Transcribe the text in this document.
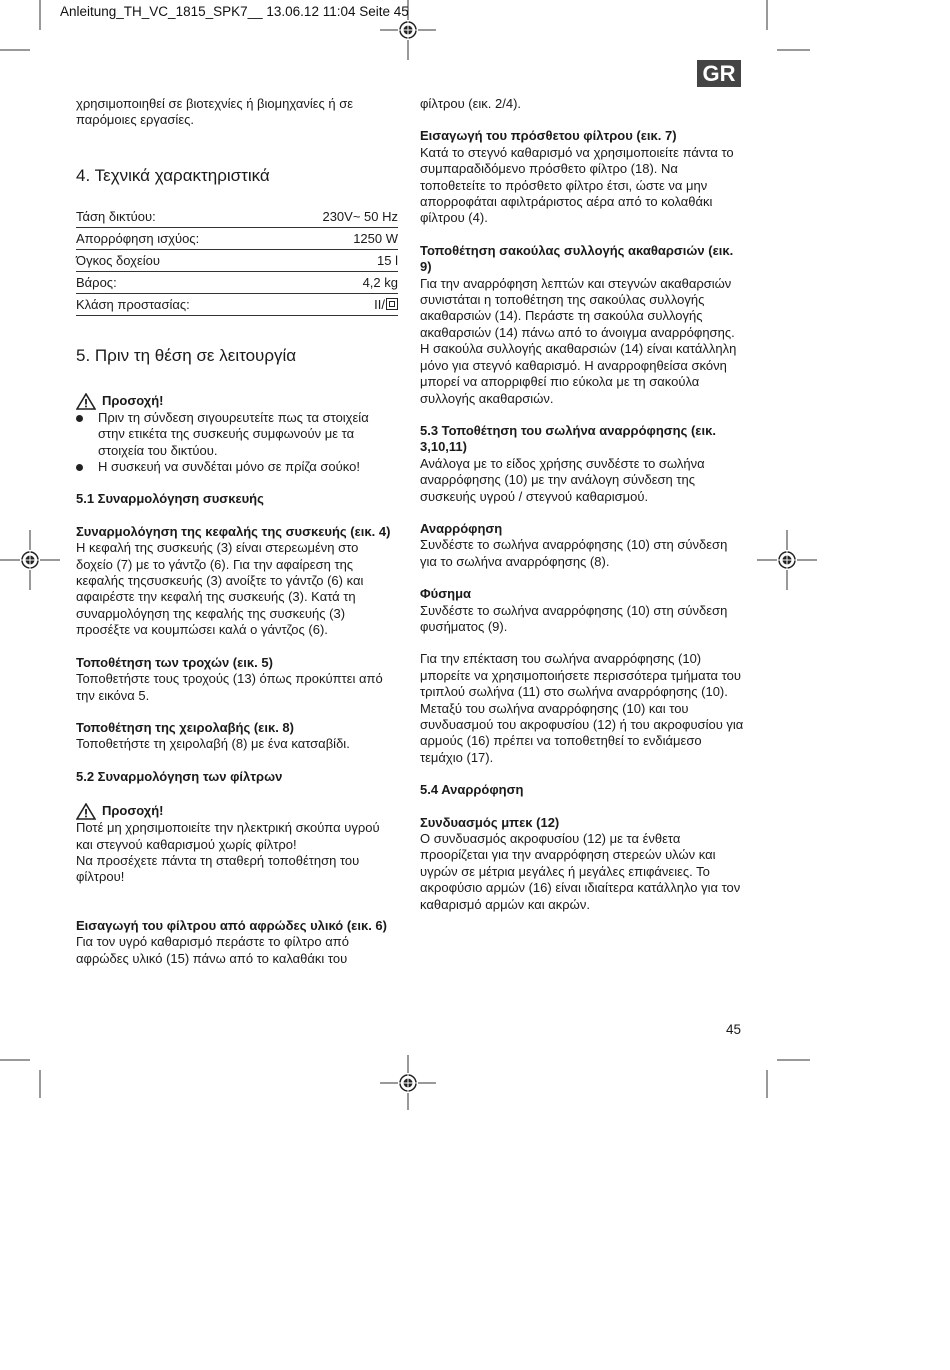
Anleitung_TH_VC_1815_SPK7__ 13.06.12 11:04 Seite 45
GR

χρησιμοποιηθεί σε βιοτεχνίες ή βιομηχανίες ή σε παρόμοιες εργασίες.

4. Τεχνικά χαρακτηριστικά
Τάση δικτύου:	230V~ 50 Hz
Απορρόφηση ισχύος:	1250 W
Όγκος δοχείου	15 l
Βάρος:	4,2 kg
Κλάση προστασίας:	II/
5. Πριν τη θέση σε λειτουργία
Προσοχή!
Πριν τη σύνδεση σιγουρευτείτε πως τα στοιχεία στην ετικέτα της συσκευής συμφωνούν με τα στοιχεία του δικτύου.
Η συσκευή να συνδέται μόνο σε πρίζα σούκο!

5.1 Συναρμολόγηση συσκευής

Συναρμολόγηση της κεφαλής της συσκευής (εικ. 4)

Η κεφαλή της συσκευής (3) είναι στερεωμένη στο δοχείο (7) με το γάντζο (6). Για την αφαίρεση της κεφαλής τηςσυσκευής (3) ανοίξτε το γάντζο (6) και αφαιρέστε την κεφαλή της συσκευής (3). Κατά τη συναρμολόγηση της κεφαλής της συσκευής (3) προσέξτε να κουμπώσει καλά ο γάντζος (6).

Τοποθέτηση των τροχών (εικ. 5)

Τοποθετήστε τους τροχούς (13) όπως προκύπτει από την εικόνα 5.

Τοποθέτηση της χειρολαβής (εικ. 8)

Τοποθετήστε τη χειρολαβή (8) με ένα κατσαβίδι.

5.2 Συναρμολόγηση των φίλτρων

Προσοχή!

Ποτέ μη χρησιμοποιείτε την ηλεκτρική σκούπα υγρού και στεγνού καθαρισμού χωρίς φίλτρο!

Να προσέχετε πάντα τη σταθερή τοποθέτηση του φίλτρου!

Εισαγωγή του φίλτρου από αφρώδες υλικό (εικ. 6)

Για τον υγρό καθαρισμό περάστε το φίλτρο από αφρώδες υλικό (15) πάνω από το καλαθάκι του

φίλτρου (εικ. 2/4).

Εισαγωγή του πρόσθετου φίλτρου (εικ. 7)

Κατά το στεγνό καθαρισμό να χρησιμοποιείτε πάντα το συμπαραδιδόμενο πρόσθετο φίλτρο (18). Να τοποθετείτε το πρόσθετο φίλτρο έτσι, ώστε να μην απορροφάται αφιλτράριστος αέρα από το κολαθάκι φίλτρου (4).

Τοποθέτηση σακούλας συλλογής ακαθαρσιών (εικ. 9)

Για την αναρρόφηση λεπτών και στεγνών ακαθαρσιών συνιστάται η τοποθέτηση της σακούλας συλλογής ακαθαρσιών (14). Περάστε τη σακούλα συλλογής ακαθαρσιών (14) πάνω από το άνοιγμα αναρρόφησης. Η σακούλα συλλογής ακαθαρσιών (14) είναι κατάλληλη μόνο για στεγνό καθαρισμό. Η αναρροφηθείσα σκόνη μπορεί να απορριφθεί πιο εύκολα με τη σακούλα συλλογής ακαθαρσιών.

5.3 Τοποθέτηση του σωλήνα αναρρόφησης (εικ. 3,10,11)

Ανάλογα με το είδος χρήσης συνδέστε το σωλήνα αναρρόφησης (10) με την ανάλογη σύνδεση της συσκευής υγρού / στεγνού καθαρισμού.

Αναρρόφηση

Συνδέστε το σωλήνα αναρρόφησης (10) στη σύνδεση για το σωλήνα αναρρόφησης (8).

Φύσημα

Συνδέστε το σωλήνα αναρρόφησης (10) στη σύνδεση φυσήματος (9).

Για την επέκταση του σωλήνα αναρρόφησης (10) μπορείτε να χρησιμοποιήσετε περισσότερα τμήματα του τριπλού σωλήνα (11) στο σωλήνα αναρρόφησης (10). Μεταξύ του σωλήνα αναρρόφησης (10) και του συνδυασμού του ακροφυσίου (12) ή του ακροφυσίου για αρμούς (16) πρέπει να τοποθετηθεί το ενδιάμεσο τεμάχιο (17).

5.4 Αναρρόφηση

Συνδυασμός μπεκ (12)

Ο συνδυασμός ακροφυσίου (12) με τα ένθετα προορίζεται για την αναρρόφηση στερεών υλών και υγρών σε μέτρια μεγάλες ή μεγάλες επιφάνειες. Το ακροφύσιο αρμών (16) είναι ιδιαίτερα κατάλληλο για τον καθαρισμό αρμών και ακρών.

45
